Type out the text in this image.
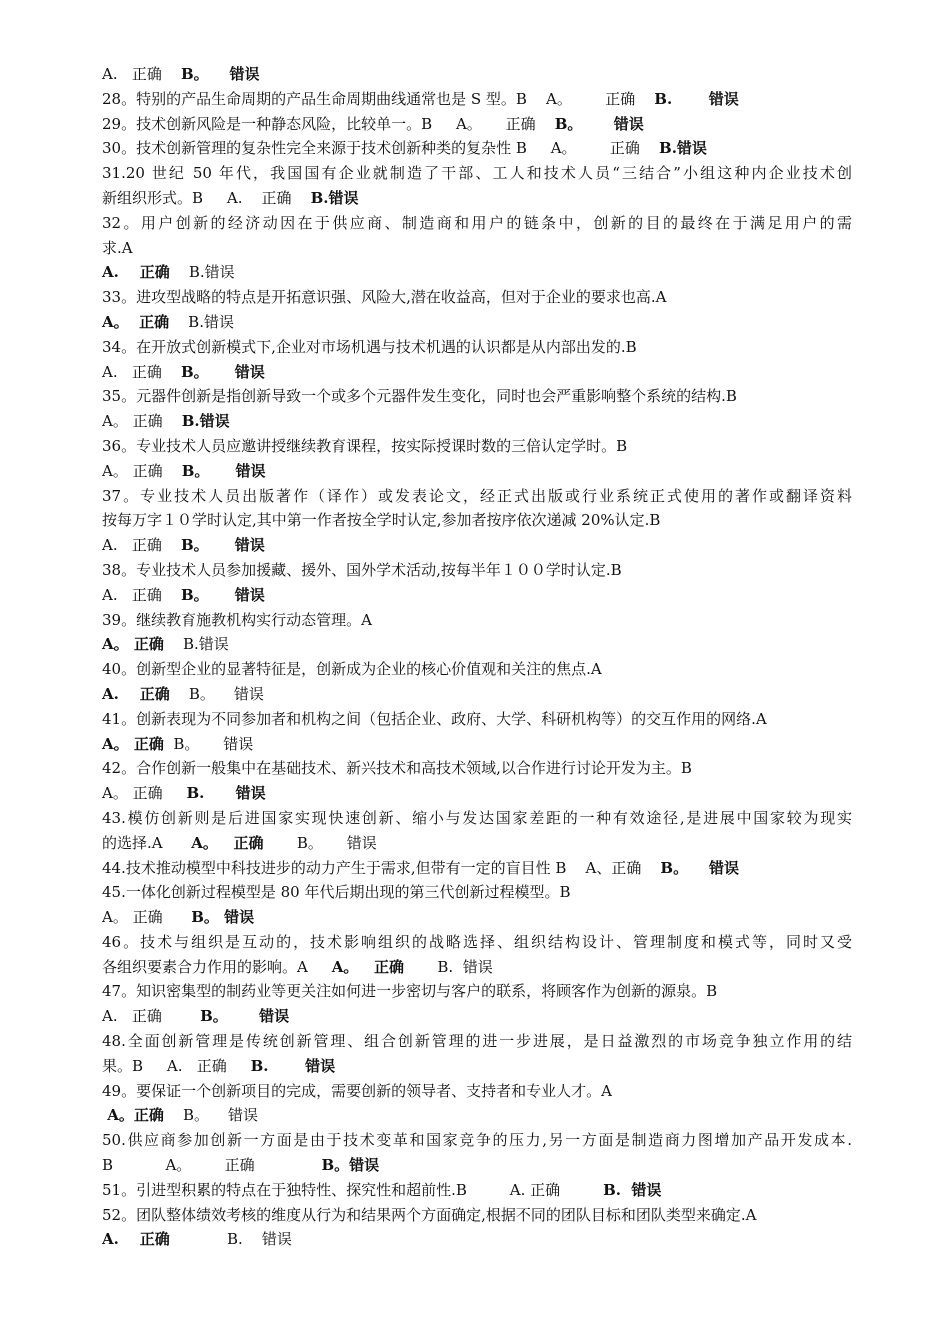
A.   正确    B。    错误
28。特别的产品生命周期的产品生命周期曲线通常也是 S 型。B    A。       正确    B.       错误
29。技术创新风险是一种静态风险，比较单一。B     A。     正确    B。      错误
30。技术创新管理的复杂性完全来源于技术创新种类的复杂性 B     A。       正确    B.错误
31.20 世纪 50 年代，我国国有企业就制造了干部、工人和技术人员“三结合”小组这种内企业技术创
新组织形式。B     A.    正确    B.错误
32。用户创新的经济动因在于供应商、制造商和用户的链条中，创新的目的最终在于满足用户的需
求.A
A.    正确    B.错误
33。进攻型战略的特点是开拓意识强、风险大,潜在收益高，但对于企业的要求也高.A
A。  正确    B.错误
34。在开放式创新模式下,企业对市场机遇与技术机遇的认识都是从内部出发的.B
A.   正确    B。     错误
35。元器件创新是指创新导致一个或多个元器件发生变化，同时也会严重影响整个系统的结构.B
A。 正确    B.错误
36。专业技术人员应邀讲授继续教育课程，按实际授课时数的三倍认定学时。B
A。 正确    B。     错误
37。专业技术人员出版著作（译作）或发表论文，经正式出版或行业系统正式使用的著作或翻译资料
按每万字１０学时认定,其中第一作者按全学时认定,参加者按序依次递减 20%认定.B
A.   正确    B。     错误
38。专业技术人员参加援藏、援外、国外学术活动,按每半年１００学时认定.B
A.   正确    B。     错误
39。继续教育施教机构实行动态管理。A
A。 正确    B.错误
40。创新型企业的显著特征是，创新成为企业的核心价值观和关注的焦点.A
A.    正确    B。    错误
41。创新表现为不同参加者和机构之间（包括企业、政府、大学、科研机构等）的交互作用的网络.A
A。 正确  B。     错误
42。合作创新一般集中在基础技术、新兴技术和高技术领域,以合作进行讨论开发为主。B
A。 正确     B.      错误
43.模仿创新则是后进国家实现快速创新、缩小与发达国家差距的一种有效途径,是进展中国家较为现实
的选择.A      A。   正确       B。     错误
44.技术推动模型中科技进步的动力产生于需求,但带有一定的盲目性 B    A、正确    B。    错误
45.一体化创新过程模型是 80 年代后期出现的第三代创新过程模型。B
A。 正确      B。 错误
46。技术与组织是互动的，技术影响组织的战略选择、组织结构设计、管理制度和模式等，同时又受
各组织要素合力作用的影响。A     A。   正确       B.  错误
47。知识密集型的制药业等更关注如何进一步密切与客户的联系，将顾客作为创新的源泉。B
A.   正确        B。      错误
48.全面创新管理是传统创新管理、组合创新管理的进一步进展，是日益激烈的市场竞争独立作用的结
果。B     A.   正确     B.       错误
49。要保证一个创新项目的完成，需要创新的领导者、支持者和专业人才。A
A。正确    B。    错误
50.供应商参加创新一方面是由于技术变革和国家竞争的压力,另一方面是制造商力图增加产品开发成本.
B           A。       正确              B。错误
51。引进型积累的特点在于独特性、探究性和超前性.B         A. 正确         B.  错误
52。团队整体绩效考核的维度从行为和结果两个方面确定,根据不同的团队目标和团队类型来确定.A
A.    正确            B.    错误
